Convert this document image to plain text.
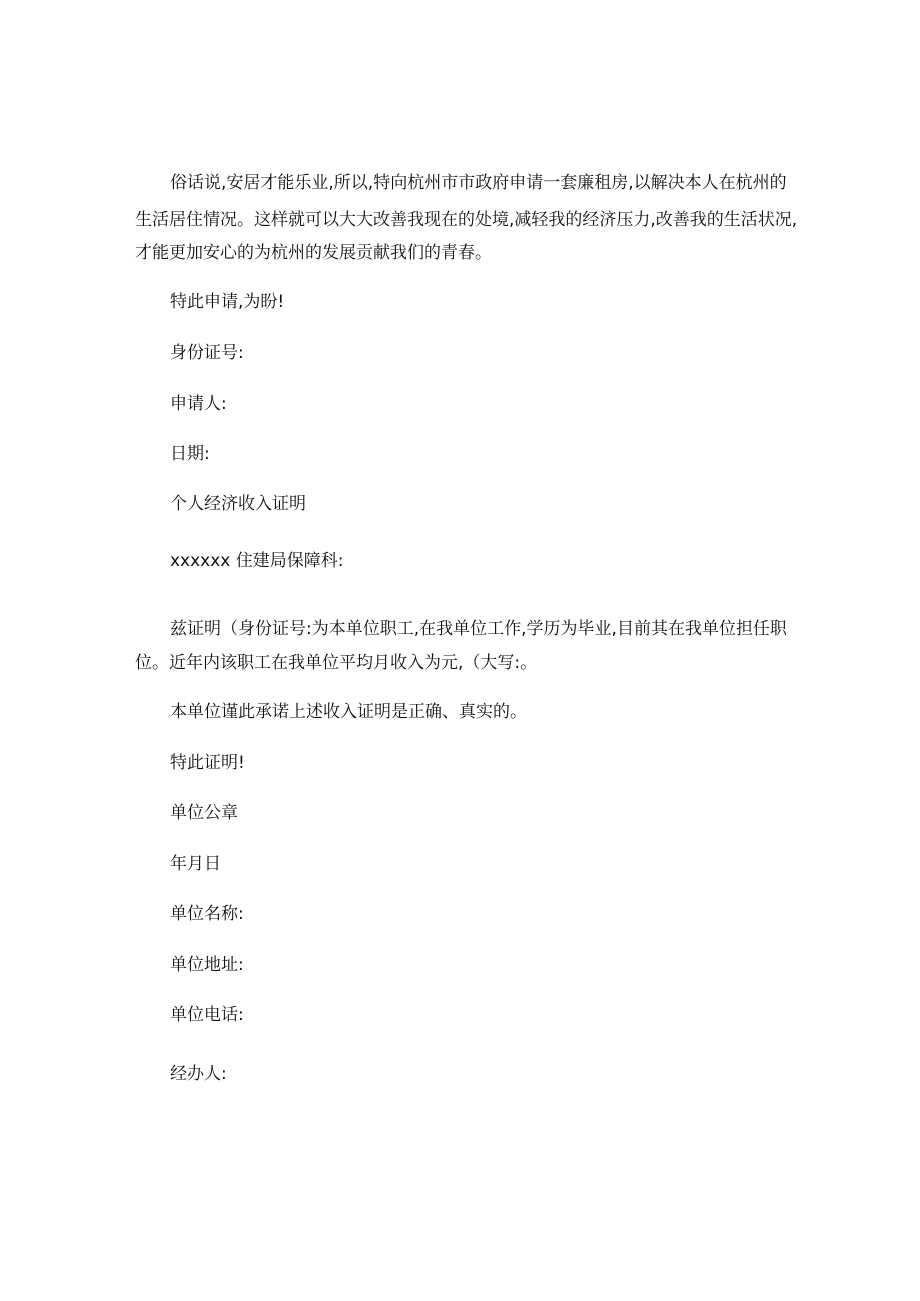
俗话说,安居才能乐业,所以,特向杭州市市政府申请一套廉租房,以解决本人在杭州的

生活居住情况。这样就可以大大改善我现在的处境,减轻我的经济压力,改善我的生活状况,

才能更加安心的为杭州的发展贡献我们的青春。

特此申请,为盼!

身份证号:

申请人:

日期:

个人经济收入证明

xxxxxx 住建局保障科:

兹证明（身份证号:为本单位职工,在我单位工作,学历为毕业,目前其在我单位担任职

位。近年内该职工在我单位平均月收入为元,（大写:。

本单位谨此承诺上述收入证明是正确、真实的。

特此证明!

单位公章

年月日

单位名称:

单位地址:

单位电话:

经办人:
